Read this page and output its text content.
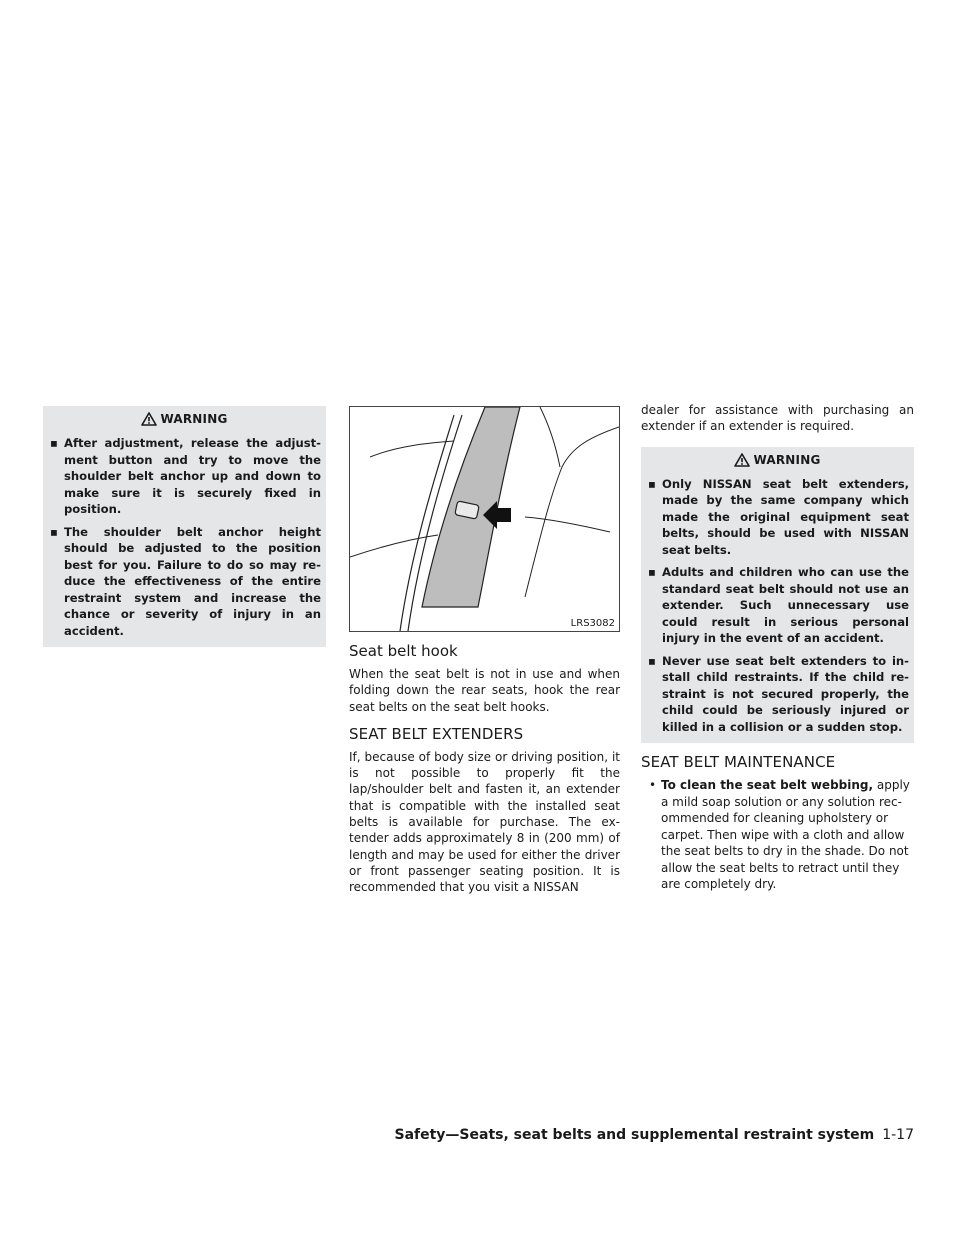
WARNING
▪ After adjustment, release the adjust-ment button and try to move the shoulder belt anchor up and down to make sure it is securely fixed in position.
▪ The shoulder belt anchor height should be adjusted to the position best for you. Failure to do so may re-duce the effectiveness of the entire restraint system and increase the chance or severity of injury in an accident.	LRS3082
Seat belt hook

When the seat belt is not in use and when folding down the rear seats, hook the rear seat belts on the seat belt hooks.

SEAT BELT EXTENDERS

If, because of body size or driving position, it is not possible to properly fit the lap/shoulder belt and fasten it, an extender that is compatible with the installed seat belts is available for purchase. The ex-tender adds approximately 8 in (200 mm) of length and may be used for either the driver or front passenger seating position. It is recommended that you visit a NISSAN

dealer for assistance with purchasing an extender if an extender is required.

WARNING
▪ Only NISSAN seat belt extenders, made by the same company which made the original equipment seat belts, should be used with NISSAN seat belts.
▪ Adults and children who can use the standard seat belt should not use an extender. Such unnecessary use could result in serious personal injury in the event of an accident.
▪ Never use seat belt extenders to in-stall child restraints. If the child re-straint is not secured properly, the child could be seriously injured or killed in a collision or a sudden stop.
SEAT BELT MAINTENANCE
• To clean the seat belt webbing, apply a mild soap solution or any solution rec-ommended for cleaning upholstery or carpet. Then wipe with a cloth and allow the seat belts to dry in the shade. Do not allow the seat belts to retract until they are completely dry.
Safety—Seats, seat belts and supplemental restraint system 1-17
